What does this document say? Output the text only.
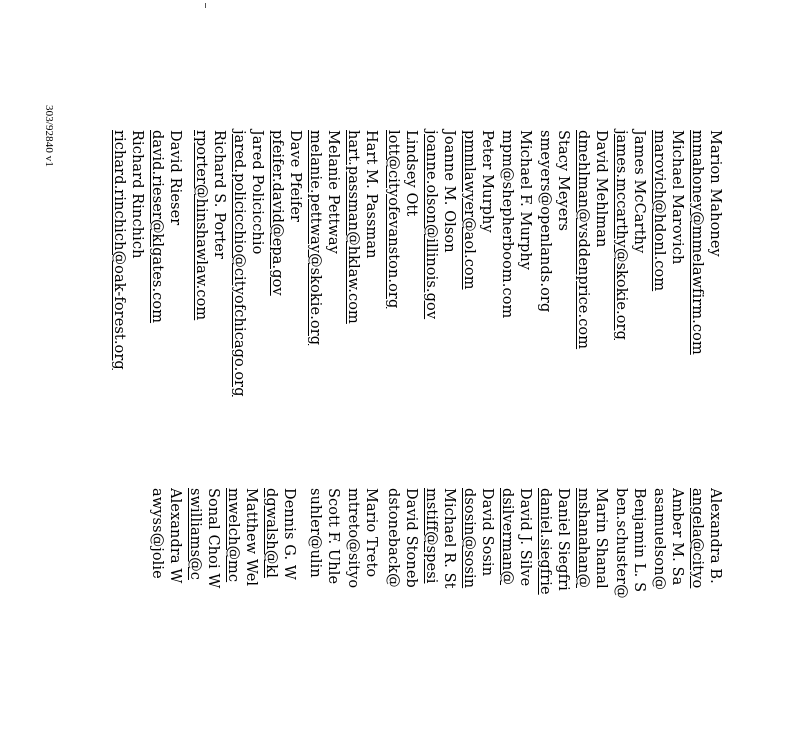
Marion Mahoney
mmahoney@mmelawfirm.com
Michael Marovich
marovich@hdonl.com
James McCarthy
james.mccarthy@skokie.org
David Mehlman
dmehlman@vsddenprice.com
Stacy Meyers
smeyers@openlands.org
Michael F. Murphy
mpm@shepherboom.com
Peter Murphy
pmmlawyer@aol.com
Joanne M. Olson
joanne.olson@illinois.gov
Lindsey Ott
lott@cityofevanston.org
Hart M. Passman
hart.passman@hklaw.com
Melanie Pettway
melanie.pettway@skokie.org
Dave Pfeifer
pfeifer.david@epa.gov
Jared Policicchio
jared.policicchio@cityofchicago.org
Richard S. Porter
rporter@hinshawlaw.com
David Rieser
david.rieser@klgates.com
Richard Rinchich
richard.rinchich@oak-forest.org
303/92840 v1
Alexandra B.
angela@cityo
Amber M. Sa
asamuelson@
Benjamin L. S
ben.schuster@
Marin Shanal
mshanahan@
Daniel Siegfri
daniel.siegfrie
David J. Silve
dsilverman@
David Sosin
dsosin@sosin
Michael R. St
mstiff@spesi
David Stoneb
dstoneback@
Mario Treto
mtreto@sityo
Scott F. Uhle
suhler@ulin
Dennis G. W
dgwalsh@kl
Matthew Wel
mwelch@mc
Sonal Choi W
swilliams@c
Alexandra W
awyss@jolie
